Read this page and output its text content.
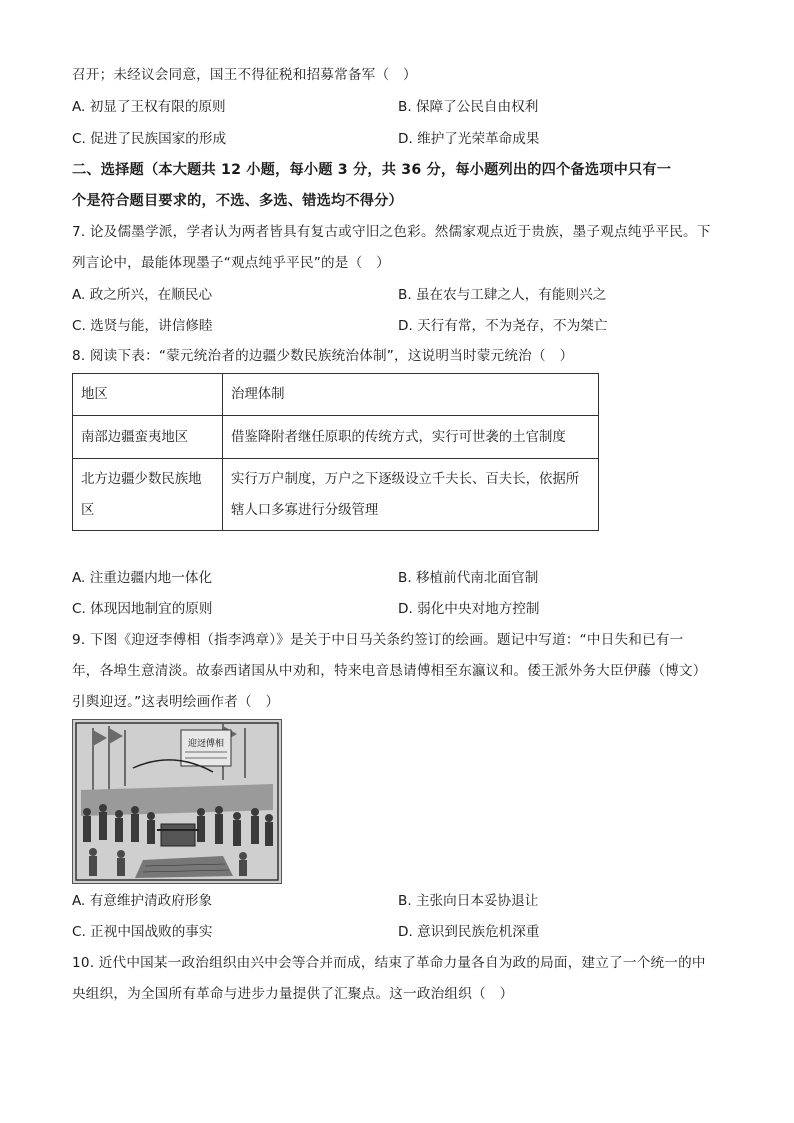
召开；未经议会同意，国王不得征税和招募常备军（　）
A. 初显了王权有限的原则	B. 保障了公民自由权利
C. 促进了民族国家的形成	D. 维护了光荣革命成果
二、选择题（本大题共 12 小题，每小题 3 分，共 36 分，每小题列出的四个备选项中只有一
个是符合题目要求的，不选、多选、错选均不得分）
7. 论及儒墨学派，学者认为两者皆具有复古或守旧之色彩。然儒家观点近于贵族，墨子观点纯乎平民。下
列言论中，最能体现墨子“观点纯乎平民”的是（　）
A. 政之所兴，在顺民心	B. 虽在农与工肆之人，有能则兴之
C. 选贤与能，讲信修睦	D. 天行有常，不为尧存，不为桀亡
8. 阅读下表：“蒙元统治者的边疆少数民族统治体制”，这说明当时蒙元统治（　）
地区	治理体制
南部边疆蛮夷地区	借鉴降附者继任原职的传统方式，实行可世袭的土官制度
北方边疆少数民族地区	实行万户制度，万户之下逐级设立千夫长、百夫长，依据所辖人口多寡进行分级管理
A. 注重边疆内地一体化	B. 移植前代南北面官制
C. 体现因地制宜的原则	D. 弱化中央对地方控制
9. 下图《迎迓李傅相（指李鸿章）》是关于中日马关条约签订的绘画。题记中写道：“中日失和已有一
年，各埠生意清淡。故泰西诸国从中劝和，特来电音恳请傅相至东瀛议和。倭王派外务大臣伊藤（博文）
引舆迎迓。”这表明绘画作者（　）
迎迓傅相
A. 有意维护清政府形象	B. 主张向日本妥协退让
C. 正视中国战败的事实	D. 意识到民族危机深重
10. 近代中国某一政治组织由兴中会等合并而成，结束了革命力量各自为政的局面，建立了一个统一的中
央组织，为全国所有革命与进步力量提供了汇聚点。这一政治组织（　）
